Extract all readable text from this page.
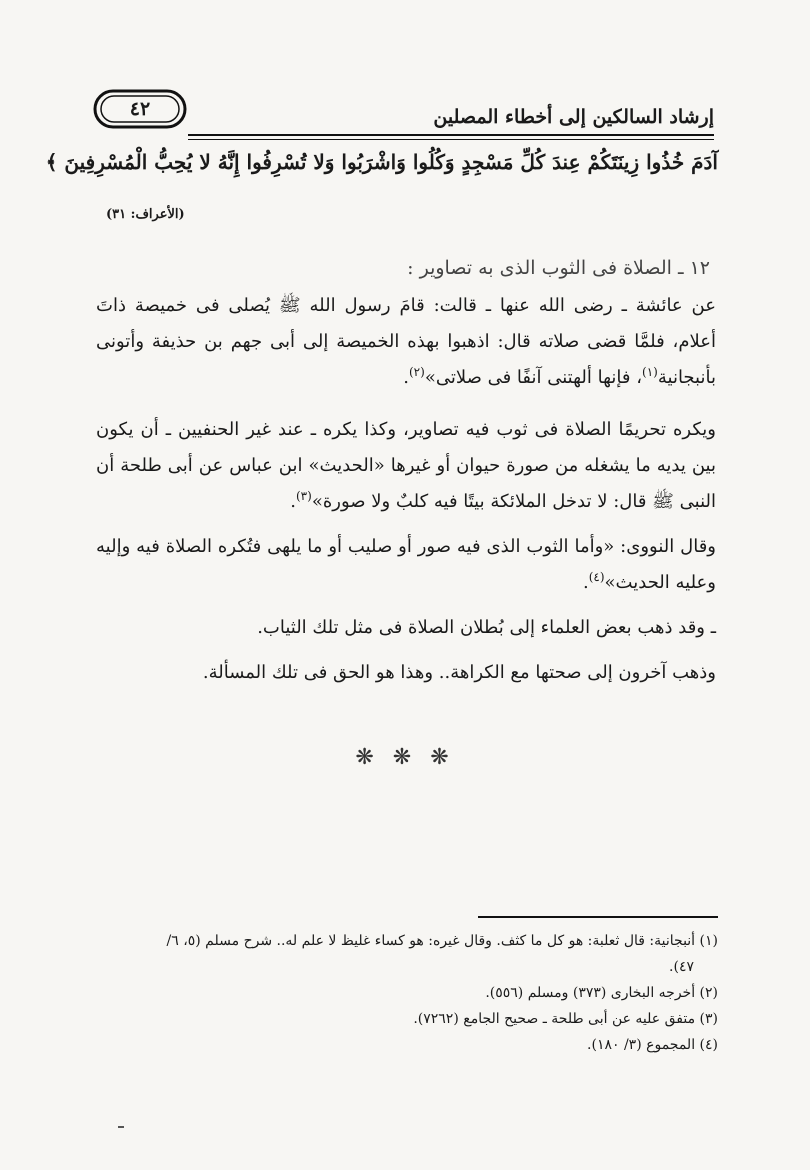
إرشاد السالكين إلى أخطاء المصلين
٤٢
آدَمَ خُذُوا زِينَتَكُمْ عِندَ كُلِّ مَسْجِدٍ وَكُلُوا وَاشْرَبُوا وَلا تُسْرِفُوا إِنَّهُ لا يُحِبُّ الْمُسْرِفِينَ ﴾
(الأعراف: ٣١)
١٢ ـ الصلاة فى الثوب الذى به تصاوير :
عن عائشة ـ رضى الله عنها ـ قالت: قامَ رسول الله ﷺ يُصلى فى خميصة ذاتَ أعلام، فلمَّا قضى صلاته قال: اذهبوا بهذه الخميصة إلى أبى جهم بن حذيفة وأتونى بأنبجانية$^{(١)}$، فإنها ألهتنى آنفًا فى صلاتى»$^{(٢)}$.
ويكره تحريمًا الصلاة فى ثوب فيه تصاوير، وكذا يكره ـ عند غير الحنفيين ـ أن يكون بين يديه ما يشغله من صورة حيوان أو غيرها «الحديث» ابن عباس عن أبى طلحة أن النبى ﷺ قال: لا تدخل الملائكة بيتًا فيه كلبٌ ولا صورة»$^{(٣)}$.
وقال النووى: «وأما الثوب الذى فيه صور أو صليب أو ما يلهى فتُكره الصلاة فيه وإليه وعليه الحديث»$^{(٤)}$.
ـ وقد ذهب بعض العلماء إلى بُطلان الصلاة فى مثل تلك الثياب.
وذهب آخرون إلى صحتها مع الكراهة.. وهذا هو الحق فى تلك المسألة.
❋ ❋ ❋
(١) أنبجانية: قال ثعلبة: هو كل ما كثف. وقال غيره: هو كساء غليظ لا علم له.. شرح مسلم (٥، ٦/
٤٧).
(٢) أخرجه البخارى (٣٧٣) ومسلم (٥٥٦).
(٣) متفق عليه عن أبى طلحة ـ صحيح الجامع (٧٢٦٢).
(٤) المجموع (٣/ ١٨٠).
